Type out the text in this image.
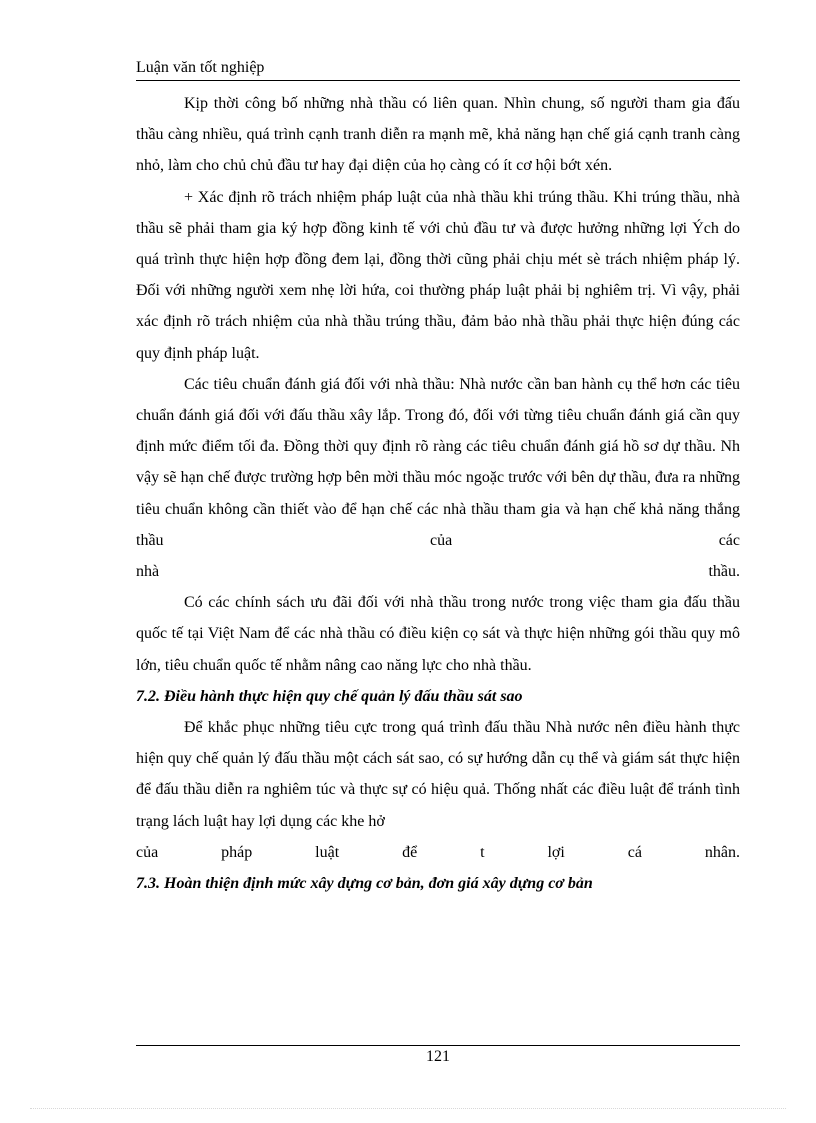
Luận văn tốt nghiệp

Kịp thời công bố những nhà thầu có liên quan. Nhìn chung, số người tham gia đấu thầu càng nhiều, quá trình cạnh tranh diễn ra mạnh mẽ, khả năng hạn chế giá cạnh tranh càng nhỏ, làm cho chủ chủ đầu tư hay đại diện của họ càng có ít cơ hội bớt xén.

+ Xác định rõ trách nhiệm pháp luật của nhà thầu khi trúng thầu. Khi trúng thầu, nhà thầu sẽ phải tham gia ký hợp đồng kinh tế với chủ đầu tư và được hưởng những lợi Ých do quá trình thực hiện hợp đồng đem lại, đồng thời cũng phải chịu mét sè trách nhiệm pháp lý. Đối với những người xem nhẹ lời hứa, coi thường pháp luật phải bị nghiêm trị. Vì vậy, phải xác định rõ trách nhiệm của nhà thầu trúng thầu, đảm bảo nhà thầu phải thực hiện đúng các quy định pháp luật.

Các tiêu chuẩn đánh giá đối với nhà thầu: Nhà nước cần ban hành cụ thể hơn các tiêu chuẩn đánh giá đối với đấu thầu xây lắp. Trong đó, đối với từng tiêu chuẩn đánh giá cần quy định mức điểm tối đa. Đồng thời quy định rõ ràng các tiêu chuẩn đánh giá hồ sơ dự thầu. Nh vậy sẽ hạn chế được trường hợp bên mời thầu móc ngoặc trước với bên dự thầu, đưa ra những tiêu chuẩn không cần thiết vào để hạn chế các nhà thầu tham gia và hạn chế khả năng thắng thầu của các

nhà	thầu.

Có các chính sách ưu đãi đối với nhà thầu trong nước trong việc tham gia đấu thầu quốc tế tại Việt Nam để các nhà thầu có điều kiện cọ sát và thực hiện những gói thầu quy mô lớn, tiêu chuẩn quốc tế nhằm nâng cao năng lực cho nhà thầu.

7.2. Điều hành thực hiện quy chế quản lý đấu thầu sát sao

Để khắc phục những tiêu cực trong quá trình đấu thầu Nhà nước nên điều hành thực hiện quy chế quản lý đấu thầu một cách sát sao, có sự hướng dẫn cụ thể và giám sát thực hiện để đấu thầu diễn ra nghiêm túc và thực sự có hiệu quả. Thống nhất các điều luật để tránh tình trạng lách luật hay lợi dụng các khe hở

của pháp luật để t lợi cá nhân.
7.3. Hoàn thiện định mức xây dựng cơ bản, đơn giá xây dựng cơ bản
121
